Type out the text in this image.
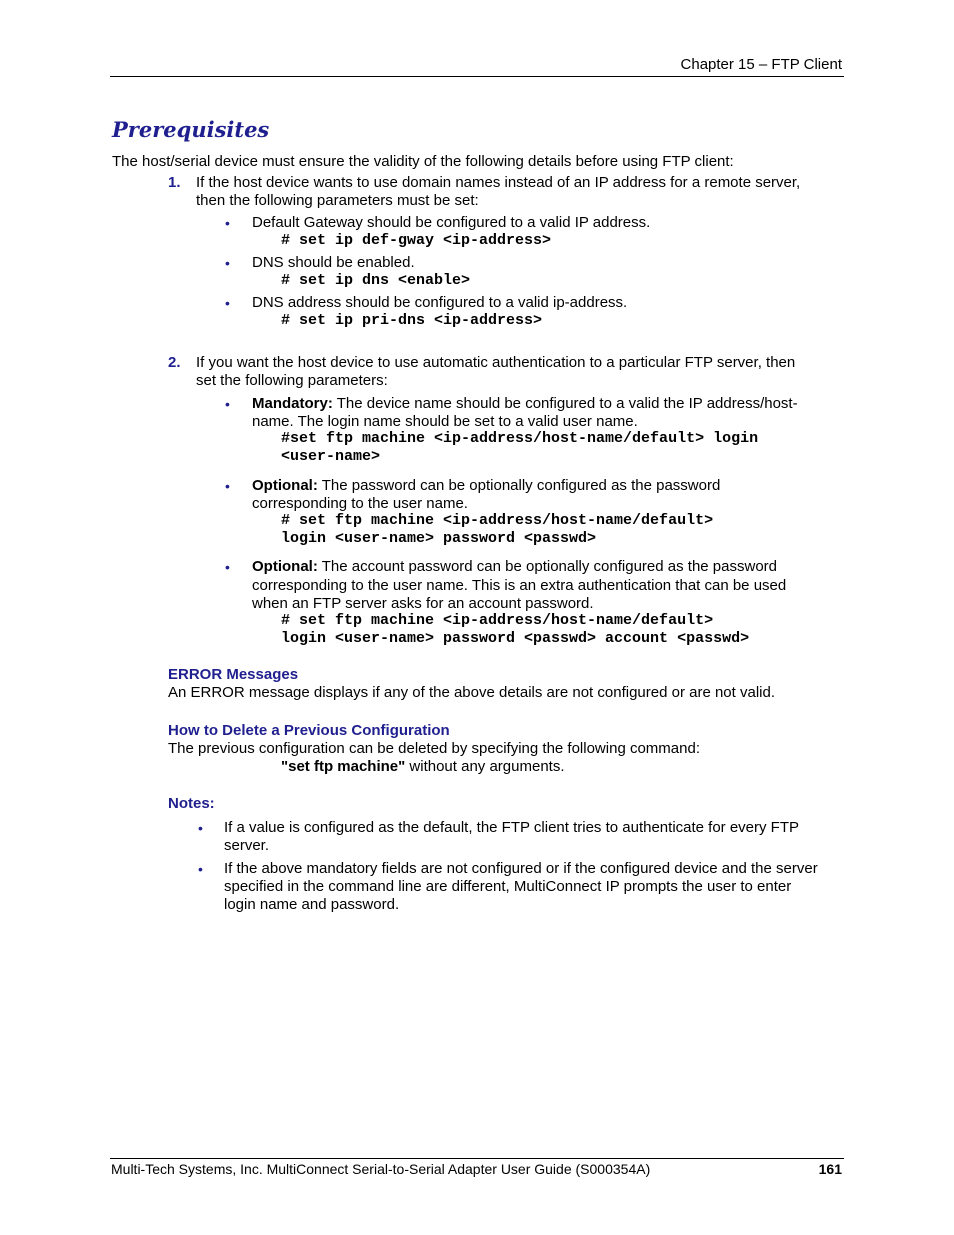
Chapter 15 – FTP Client
Prerequisites
The host/serial device must ensure the validity of the following details before using FTP client:
1. If the host device wants to use domain names instead of an IP address for a remote server,
then the following parameters must be set:
• Default Gateway should be configured to a valid IP address.
# set ip def-gway <ip-address>
• DNS should be enabled.
# set ip dns <enable>
• DNS address should be configured to a valid ip-address.
# set ip pri-dns <ip-address>
2. If you want the host device to use automatic authentication to a particular FTP server, then
set the following parameters:
• Mandatory: The device name should be configured to a valid the IP address/host-
name. The login name should be set to a valid user name.
#set ftp machine <ip-address/host-name/default> login
<user-name>
• Optional: The password can be optionally configured as the password
corresponding to the user name.
# set ftp machine <ip-address/host-name/default>
login <user-name> password <passwd>
• Optional: The account password can be optionally configured as the password
corresponding to the user name. This is an extra authentication that can be used
when an FTP server asks for an account password.
# set ftp machine <ip-address/host-name/default>
login <user-name> password <passwd> account <passwd>
ERROR Messages
An ERROR message displays if any of the above details are not configured or are not valid.
How to Delete a Previous Configuration
The previous configuration can be deleted by specifying the following command:
"set ftp machine" without any arguments.
Notes:
• If a value is configured as the default, the FTP client tries to authenticate for every FTP
server.
• If the above mandatory fields are not configured or if the configured device and the server
specified in the command line are different, MultiConnect IP prompts the user to enter
login name and password.
Multi-Tech Systems, Inc. MultiConnect Serial-to-Serial Adapter User Guide (S000354A)	161
